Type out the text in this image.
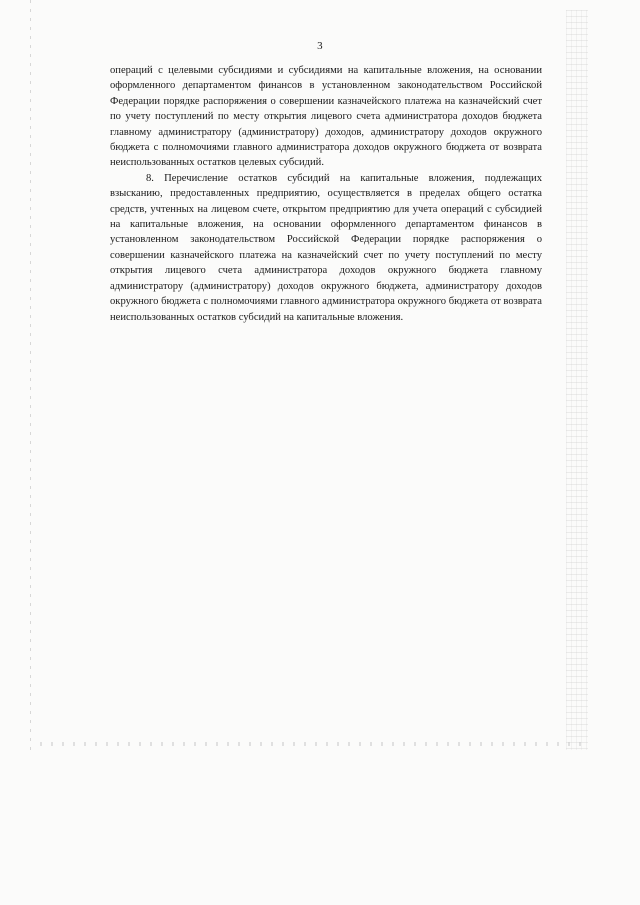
3

операций с целевыми субсидиями и субсидиями на капитальные вложения, на основании оформленного департаментом финансов в установленном законодательством Российской Федерации порядке распоряжения о совершении казначейского платежа на казначейский счет по учету поступлений по месту открытия лицевого счета администратора доходов бюджета главному администратору (администратору) доходов, администратору доходов окружного бюджета с полномочиями главного администратора доходов окружного бюджета от возврата неиспользованных остатков целевых субсидий.

8. Перечисление остатков субсидий на капитальные вложения, подлежащих взысканию, предоставленных предприятию, осуществляется в пределах общего остатка средств, учтенных на лицевом счете, открытом предприятию для учета операций с субсидией на капитальные вложения, на основании оформленного департаментом финансов в установленном законодательством Российской Федерации порядке распоряжения о совершении казначейского платежа на казначейский счет по учету поступлений по месту открытия лицевого счета администратора доходов окружного бюджета главному администратору (администратору) доходов окружного бюджета, администратору доходов окружного бюджета с полномочиями главного администратора окружного бюджета от возврата неиспользованных остатков субсидий на капитальные вложения.
